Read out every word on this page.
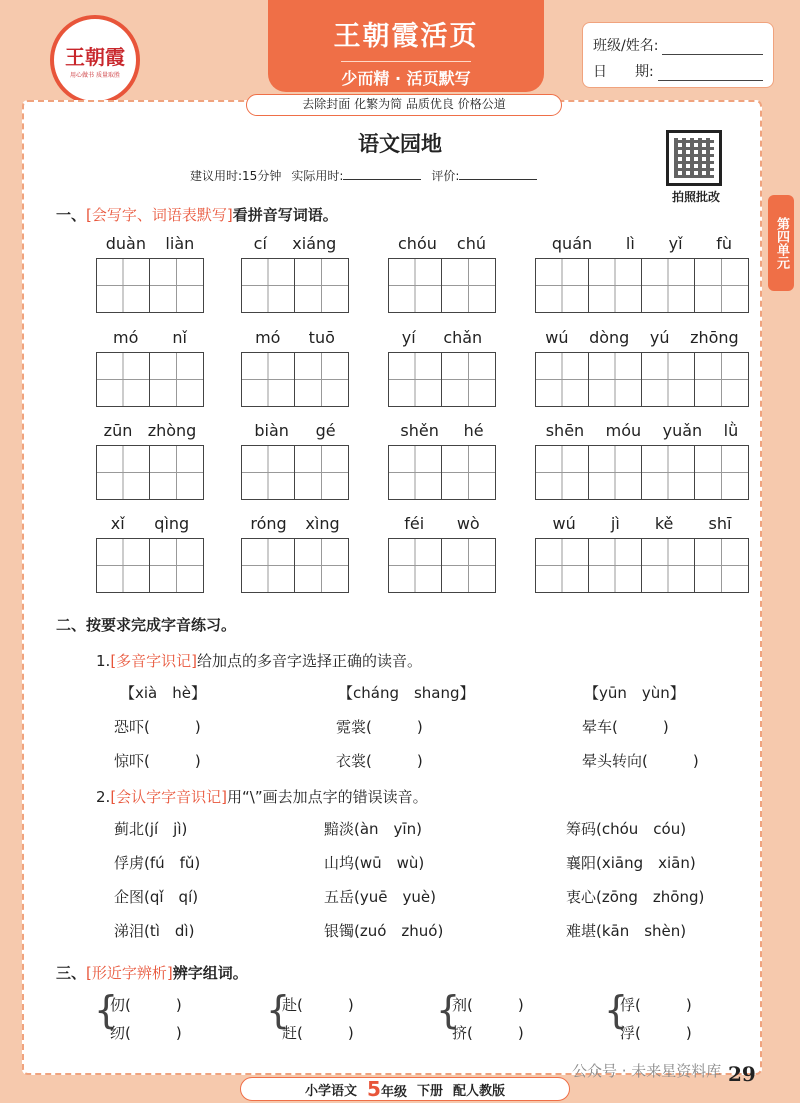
王朝霞
用心做书 质量取胜
王朝霞活页
少而精 · 活页默写
班级/姓名:
日　　期:
第四单元
去除封面 化繁为简 品质优良 价格公道
语文园地
建议用时:15分钟 实际用时:	评价:
拍照批改
一、[会写字、词语表默写]看拼音写词语。
duàn liàn	cí xiáng	chóu chú	quán lì yǐ fù
mó nǐ	mó tuō	yí chǎn	wú dòng yú zhōng
zūn zhòng	biàn gé	shěn hé	shēn móu yuǎn lǜ
xǐ qìng	róng xìng	féi wò	wú jì kě shī
二、按要求完成字音练习。
1.[多音字识记]给加点的多音字选择正确的读音。
【xià　hè】	【cháng　shang】	【yūn　yùn】
恐吓(　　　)	霓裳(　　　)	晕车(　　　)
惊吓(　　　)	衣裳(　　　)	晕头转向(　　　)
2.[会认字字音识记]用“\”画去加点字的错误读音。
蓟北(jí　jì)	黯淡(àn　yīn)	筹码(chóu　cóu)
俘虏(fú　fǔ)	山坞(wū　wù)	襄阳(xiāng　xiān)
企图(qǐ　qí)	五岳(yuē　yuè)	衷心(zōng　zhōng)
涕泪(tì　dì)	银镯(zuó　zhuó)	难堪(kān　shèn)
三、[形近字辨析]辨字组词。
{
仞(　　　)
纫(　　　)
{
赴(　　　)
赶(　　　)
{
剂(　　　)
挤(　　　)
{
俘(　　　)
浮(　　　)
小学语文 5年级 下册 配人教版
公众号 · 未来星资料库 29
